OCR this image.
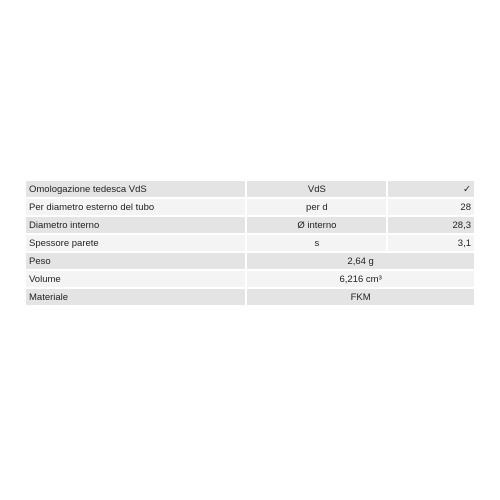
Omologazione tedesca VdS	VdS	✓
Per diametro esterno del tubo	per d	28
Diametro interno	Ø interno	28,3
Spessore parete	s	3,1
Peso	2,64 g	
Volume	6,216 cm³	
Materiale	FKM	
